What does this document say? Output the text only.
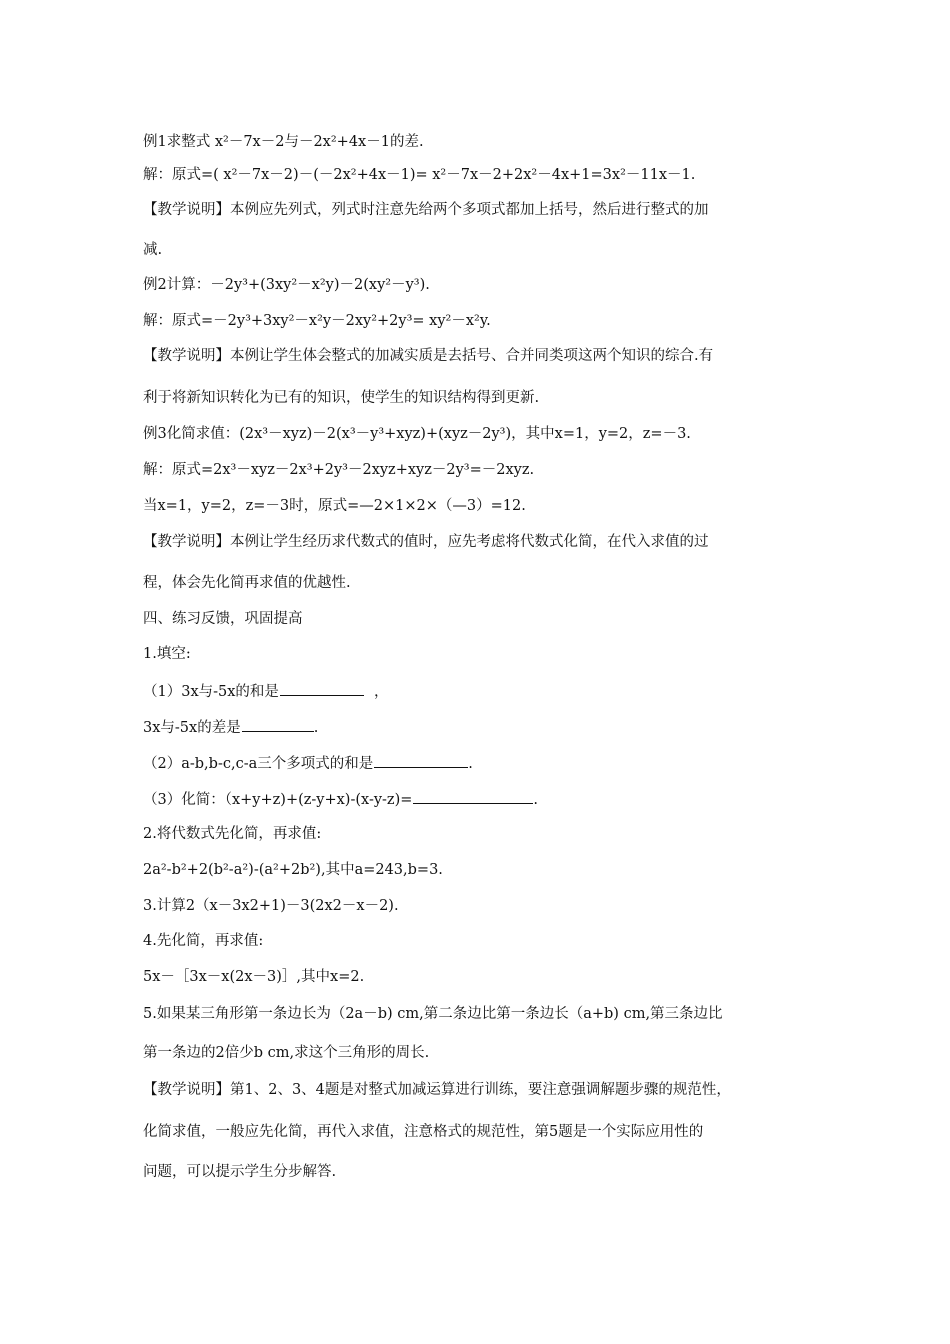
例1求整式 x²－7x－2与－2x²+4x－1的差.
解：原式=( x²－7x－2)－(－2x²+4x－1)= x²－7x－2+2x²－4x+1=3x²－11x－1.
【教学说明】本例应先列式，列式时注意先给两个多项式都加上括号，然后进行整式的加
减.
例2计算：－2y³+(3xy²－x²y)－2(xy²－y³).
解：原式=－2y³+3xy²－x²y－2xy²+2y³= xy²－x²y.
【教学说明】本例让学生体会整式的加减实质是去括号、合并同类项这两个知识的综合.有
利于将新知识转化为已有的知识，使学生的知识结构得到更新.
例3化简求值：(2x³－xyz)－2(x³－y³+xyz)+(xyz－2y³)，其中x=1，y=2，z=－3.
解：原式=2x³－xyz－2x³+2y³－2xyz+xyz－2y³=－2xyz.
当x=1，y=2，z=－3时，原式=—2×1×2×（—3）=12.
【教学说明】本例让学生经历求代数式的值时，应先考虑将代数式化简，在代入求值的过
程，体会先化简再求值的优越性.
四、练习反馈，巩固提高
1.填空:
（1）3x与-5x的和是	，
3x与-5x的差是	.
（2）a-b,b-c,c-a三个多项式的和是	.
（3）化简：（x+y+z)+(z-y+x)-(x-y-z)=	.
2.将代数式先化简，再求值:
2a²-b²+2(b²-a²)-(a²+2b²),其中a=243,b=3.
3.计算2（x－3x2+1)－3(2x2－x－2).
4.先化简，再求值:
5x－［3x－x(2x－3)］,其中x=2.
5.如果某三角形第一条边长为（2a－b) cm,第二条边比第一条边长（a+b) cm,第三条边比
第一条边的2倍少b cm,求这个三角形的周长.
【教学说明】第1、2、3、4题是对整式加减运算进行训练，要注意强调解题步骤的规范性，
化简求值，一般应先化简，再代入求值，注意格式的规范性，第5题是一个实际应用性的
问题，可以提示学生分步解答.
